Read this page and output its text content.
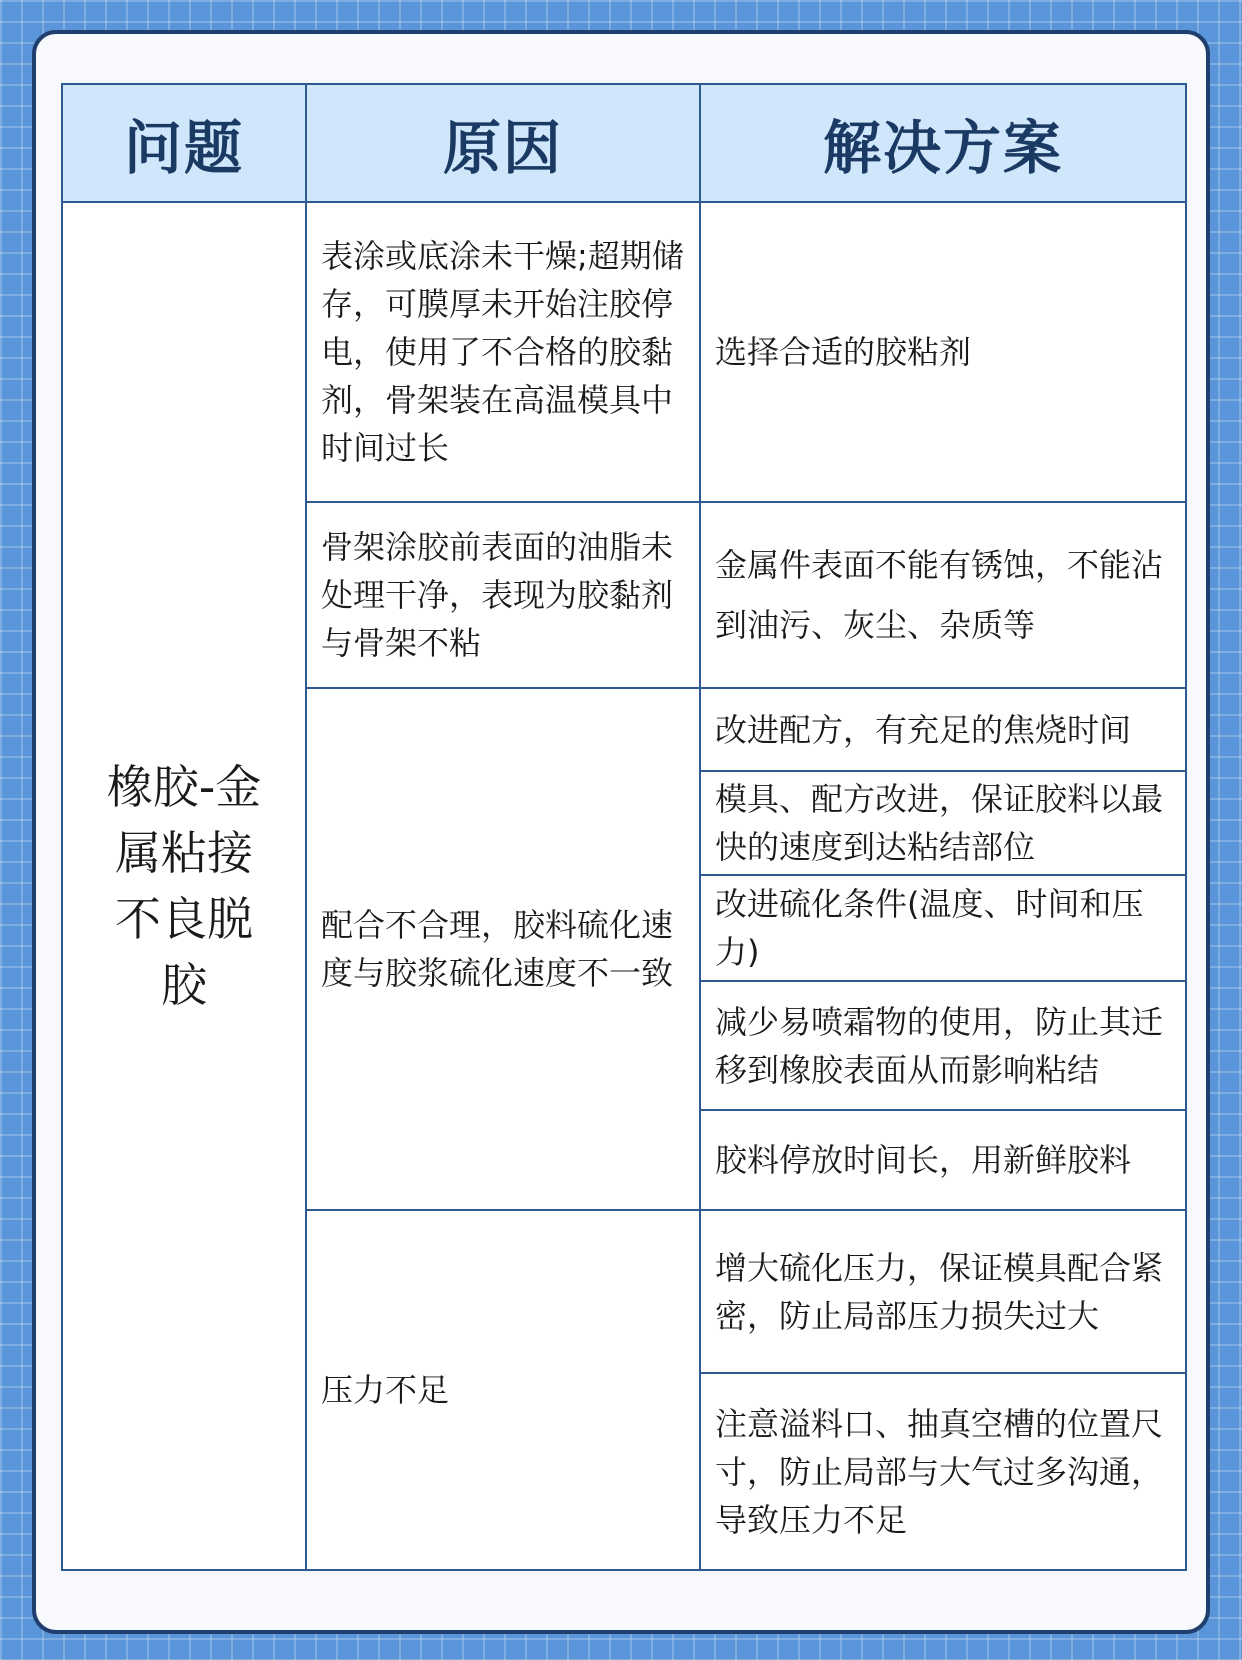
问题	原因	解决方案
橡胶-金属粘接不良脱胶	表涂或底涂未干燥;超期储存，可膜厚未开始注胶停电，使用了不合格的胶黏剂，骨架装在高温模具中时间过长	选择合适的胶粘剂
	骨架涂胶前表面的油脂未处理干净，表现为胶黏剂与骨架不粘	金属件表面不能有锈蚀，不能沾到油污、灰尘、杂质等
	配合不合理，胶料硫化速度与胶浆硫化速度不一致	改进配方，有充足的焦烧时间
		模具、配方改进，保证胶料以最快的速度到达粘结部位
		改进硫化条件(温度、时间和压力)
		减少易喷霜物的使用，防止其迁移到橡胶表面从而影响粘结
		胶料停放时间长，用新鲜胶料
	压力不足	增大硫化压力，保证模具配合紧密，防止局部压力损失过大
		注意溢料口、抽真空槽的位置尺寸，防止局部与大气过多沟通，导致压力不足
